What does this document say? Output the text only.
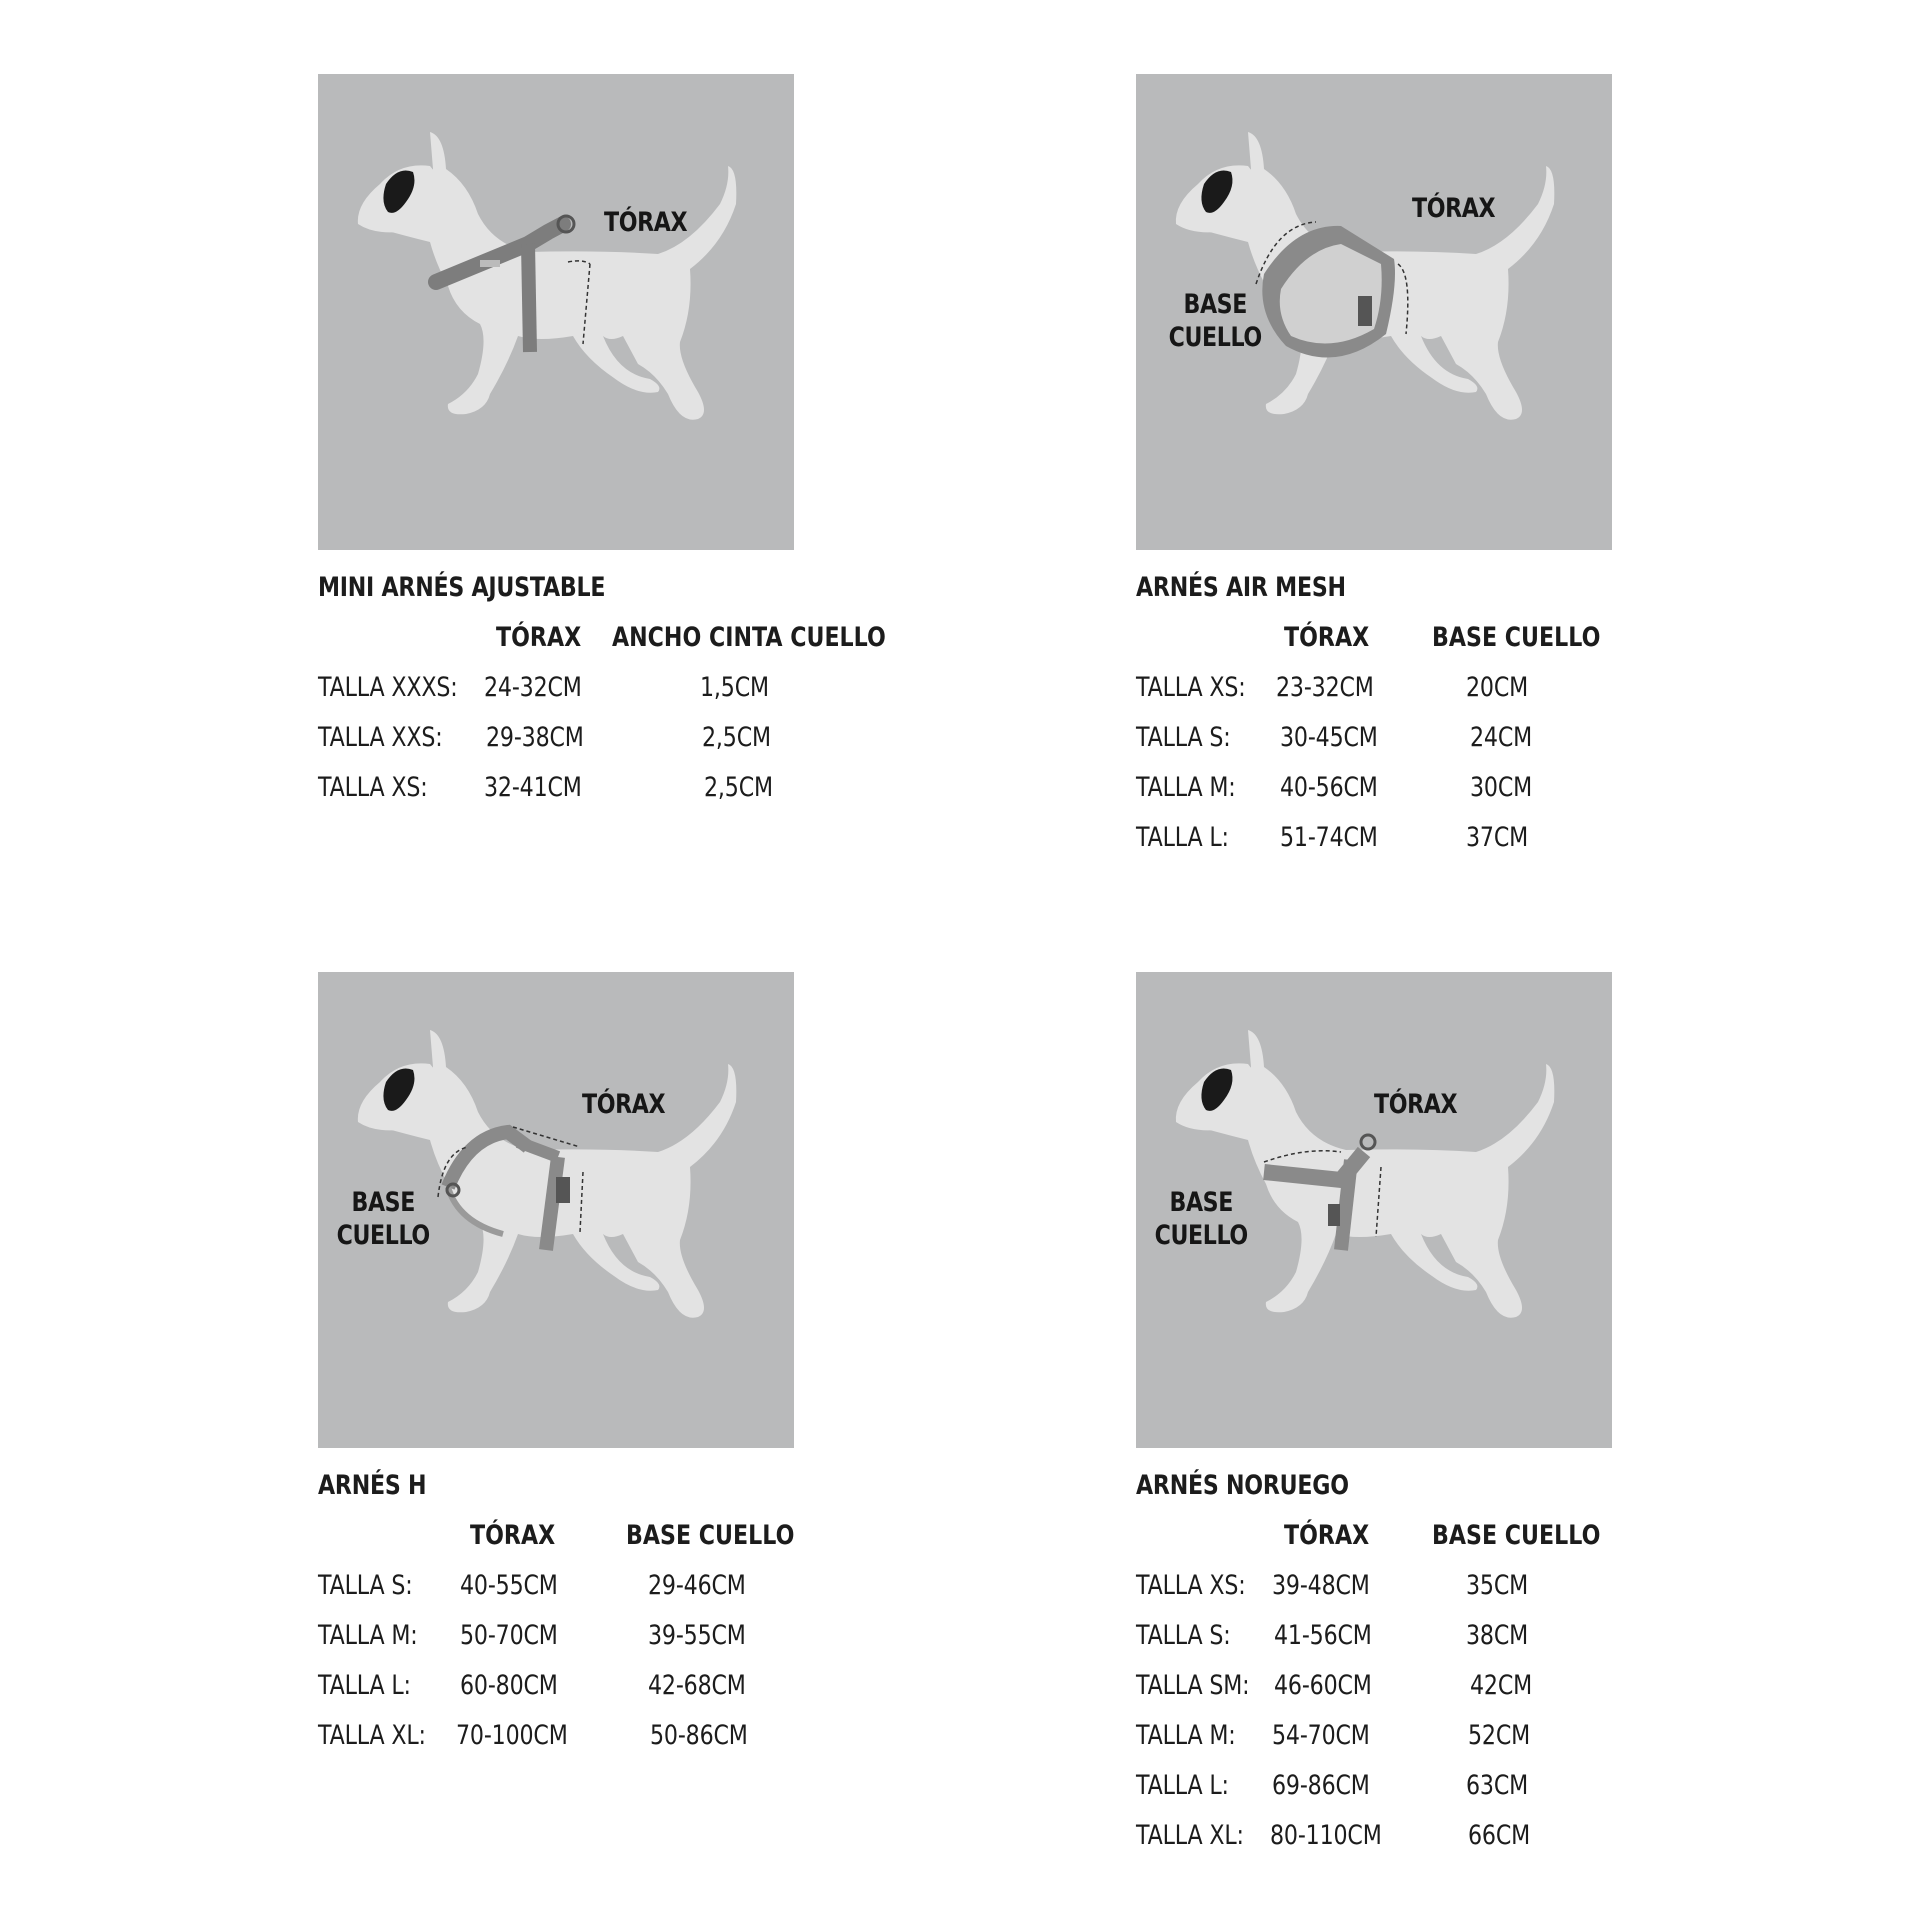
TÓRAX
MINI ARNÉS AJUSTABLE
TÓRAX ANCHO CINTA CUELLO
TALLA XXXS: 24-32CM	1,5CM
TALLA XXS: 29-38CM	2,5CM
TALLA XS: 32-41CM	2,5CM
TÓRAX
BASE
CUELLO
ARNÉS AIR MESH
TÓRAX BASE CUELLO
TALLA XS: 23-32CM	20CM
TALLA S: 30-45CM	24CM
TALLA M: 40-56CM	30CM
TALLA L: 51-74CM	37CM
TÓRAX
BASE
CUELLO
ARNÉS H
TÓRAX	BASE CUELLO
TALLA S: 40-55CM	29-46CM
TALLA M: 50-70CM	39-55CM
TALLA L: 60-80CM	42-68CM
TALLA XL: 70-100CM	50-86CM
TÓRAX
BASE
CUELLO
ARNÉS NORUEGO
TÓRAX BASE CUELLO
TALLA XS: 39-48CM	35CM
TALLA S: 41-56CM	38CM
TALLA SM: 46-60CM	42CM
TALLA M: 54-70CM	52CM
TALLA L: 69-86CM	63CM
TALLA XL: 80-110CM	66CM
